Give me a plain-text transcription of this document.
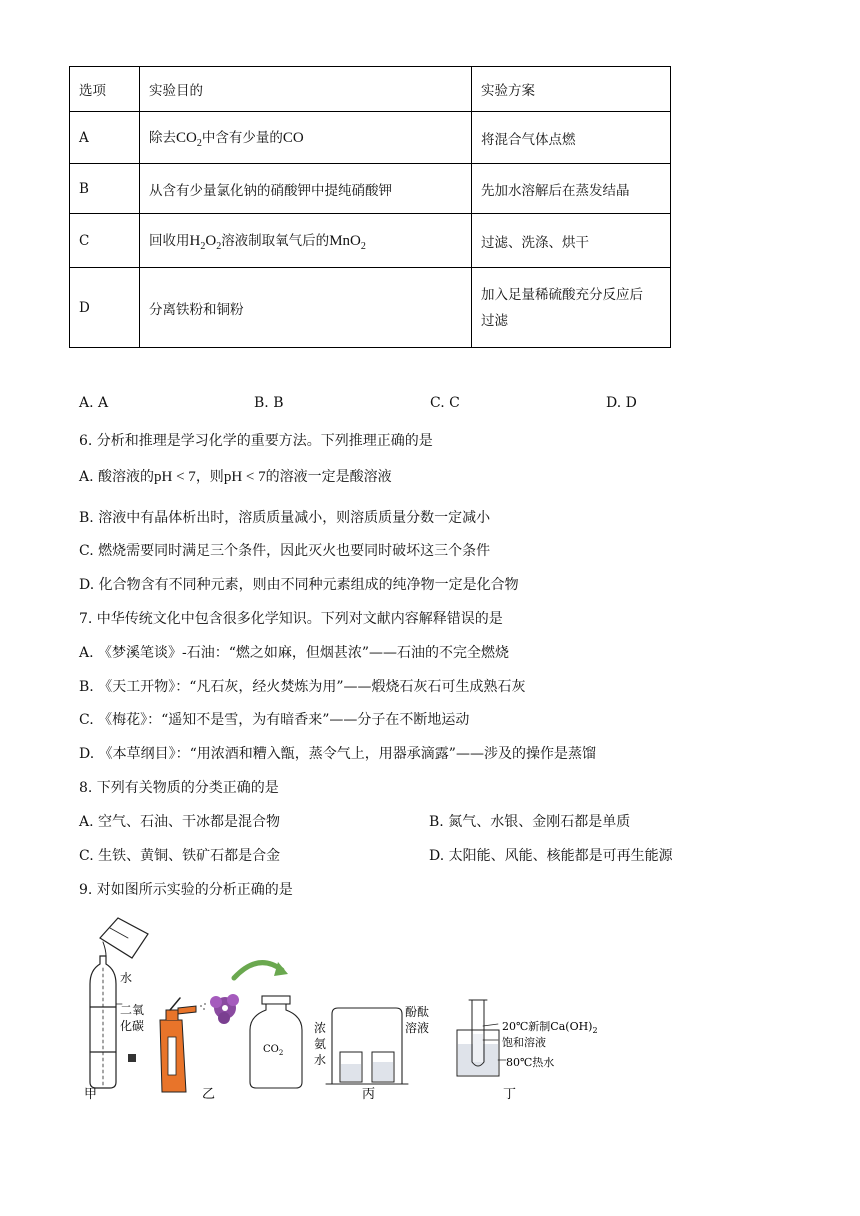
选项	实验目的	实验方案
A	除去$CO_2$中含有少量的CO	将混合气体点燃
B	从含有少量氯化钠的硝酸钾中提纯硝酸钾	先加水溶解后在蒸发结晶
C	回收用$H_2O_2$溶液制取氧气后的MnO$_2$	过滤、洗涤、烘干
D	分离铁粉和铜粉	加入足量稀硫酸充分反应后
过滤
A. A	B. B	C. C	D. D
6. 分析和推理是学习化学的重要方法。下列推理正确的是
A. 酸溶液的pH < 7，则pH < 7的溶液一定是酸溶液
B. 溶液中有晶体析出时，溶质质量减小，则溶质质量分数一定减小
C. 燃烧需要同时满足三个条件，因此灭火也要同时破坏这三个条件
D. 化合物含有不同种元素，则由不同种元素组成的纯净物一定是化合物
7. 中华传统文化中包含很多化学知识。下列对文献内容解释错误的是
A. 《梦溪笔谈》-石油：“燃之如麻，但烟甚浓”——石油的不完全燃烧
B. 《天工开物》：“凡石灰，经火焚炼为用”——煅烧石灰石可生成熟石灰
C. 《梅花》：“遥知不是雪，为有暗香来”——分子在不断地运动
D. 《本草纲目》：“用浓酒和糟入甑，蒸令气上，用器承滴露”——涉及的操作是蒸馏
8. 下列有关物质的分类正确的是
A. 空气、石油、干冰都是混合物	B. 氮气、水银、金刚石都是单质
C. 生铁、黄铜、铁矿石都是合金	D. 太阳能、风能、核能都是可再生能源
9. 对如图所示实验的分析正确的是
水
二氧
化碳
甲
$CO_2$
乙
浓
氨
水
酚酞
溶液
丙
20℃新制$Ca(OH)_2$
饱和溶液
80℃热水
丁
